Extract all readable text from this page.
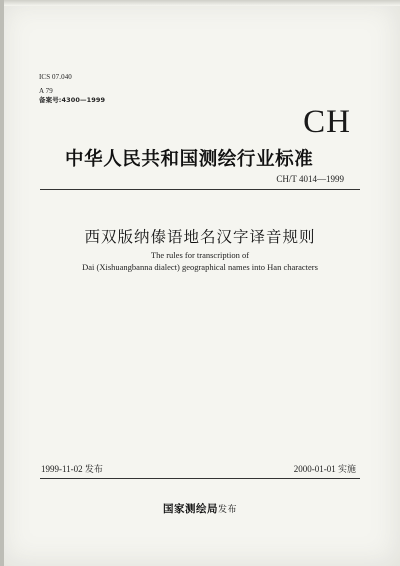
ICS 07.040
A 79
备案号:4300—1999
CH
中华人民共和国测绘行业标准
CH/T 4014—1999
西双版纳傣语地名汉字译音规则
The rules for transcription of
Dai (Xishuangbanna dialect) geographical names into Han characters
1999-11-02 发布	2000-01-01 实施
国家测绘局发布
